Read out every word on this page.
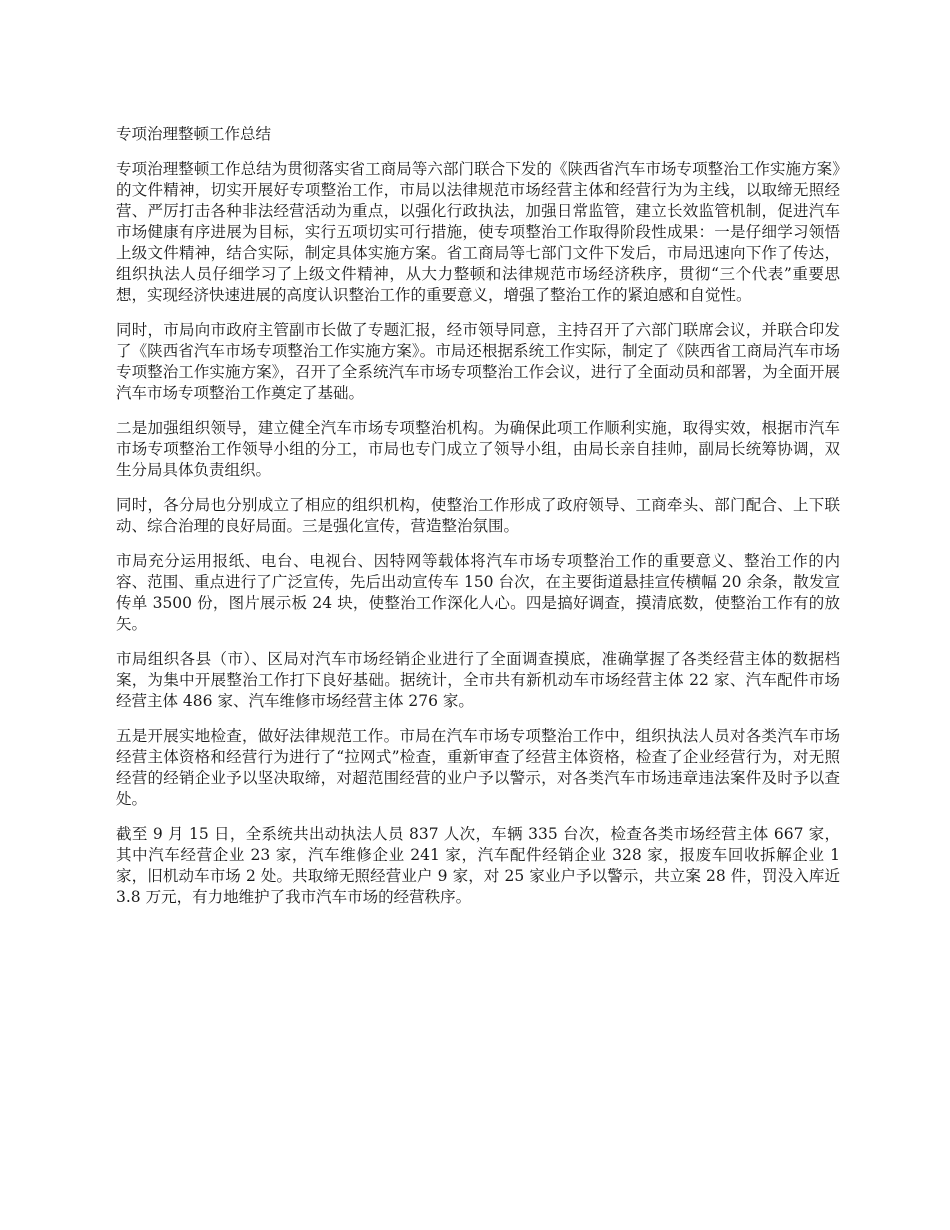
专项治理整顿工作总结

专项治理整顿工作总结为贯彻落实省工商局等六部门联合下发的《陕西省汽车市场专项整治工作实施方案》的文件精神，切实开展好专项整治工作，市局以法律规范市场经营主体和经营行为为主线，以取缔无照经营、严厉打击各种非法经营活动为重点，以强化行政执法，加强日常监管，建立长效监管机制，促进汽车市场健康有序进展为目标，实行五项切实可行措施，使专项整治工作取得阶段性成果：一是仔细学习领悟上级文件精神，结合实际，制定具体实施方案。省工商局等七部门文件下发后，市局迅速向下作了传达，组织执法人员仔细学习了上级文件精神，从大力整顿和法律规范市场经济秩序，贯彻“三个代表”重要思想，实现经济快速进展的高度认识整治工作的重要意义，增强了整治工作的紧迫感和自觉性。

同时，市局向市政府主管副市长做了专题汇报，经市领导同意，主持召开了六部门联席会议，并联合印发了《陕西省汽车市场专项整治工作实施方案》。市局还根据系统工作实际，制定了《陕西省工商局汽车市场专项整治工作实施方案》，召开了全系统汽车市场专项整治工作会议，进行了全面动员和部署，为全面开展汽车市场专项整治工作奠定了基础。

二是加强组织领导，建立健全汽车市场专项整治机构。为确保此项工作顺利实施，取得实效，根据市汽车市场专项整治工作领导小组的分工，市局也专门成立了领导小组，由局长亲自挂帅，副局长统筹协调，双生分局具体负责组织。

同时，各分局也分别成立了相应的组织机构，使整治工作形成了政府领导、工商牵头、部门配合、上下联动、综合治理的良好局面。三是强化宣传，营造整治氛围。

市局充分运用报纸、电台、电视台、因特网等载体将汽车市场专项整治工作的重要意义、整治工作的内容、范围、重点进行了广泛宣传，先后出动宣传车 150 台次，在主要街道悬挂宣传横幅 20 余条，散发宣传单 3500 份，图片展示板 24 块，使整治工作深化人心。四是搞好调查，摸清底数，使整治工作有的放矢。

市局组织各县（市）、区局对汽车市场经销企业进行了全面调查摸底，准确掌握了各类经营主体的数据档案，为集中开展整治工作打下良好基础。据统计，全市共有新机动车市场经营主体 22 家、汽车配件市场经营主体 486 家、汽车维修市场经营主体 276 家。

五是开展实地检查，做好法律规范工作。市局在汽车市场专项整治工作中，组织执法人员对各类汽车市场经营主体资格和经营行为进行了“拉网式”检查，重新审查了经营主体资格，检查了企业经营行为，对无照经营的经销企业予以坚决取缔，对超范围经营的业户予以警示，对各类汽车市场违章违法案件及时予以查处。

截至 9 月 15 日，全系统共出动执法人员 837 人次，车辆 335 台次，检查各类市场经营主体 667 家，其中汽车经营企业 23 家，汽车维修企业 241 家，汽车配件经销企业 328 家，报废车回收拆解企业 1 家，旧机动车市场 2 处。共取缔无照经营业户 9 家，对 25 家业户予以警示，共立案 28 件，罚没入库近 3.8 万元，有力地维护了我市汽车市场的经营秩序。
